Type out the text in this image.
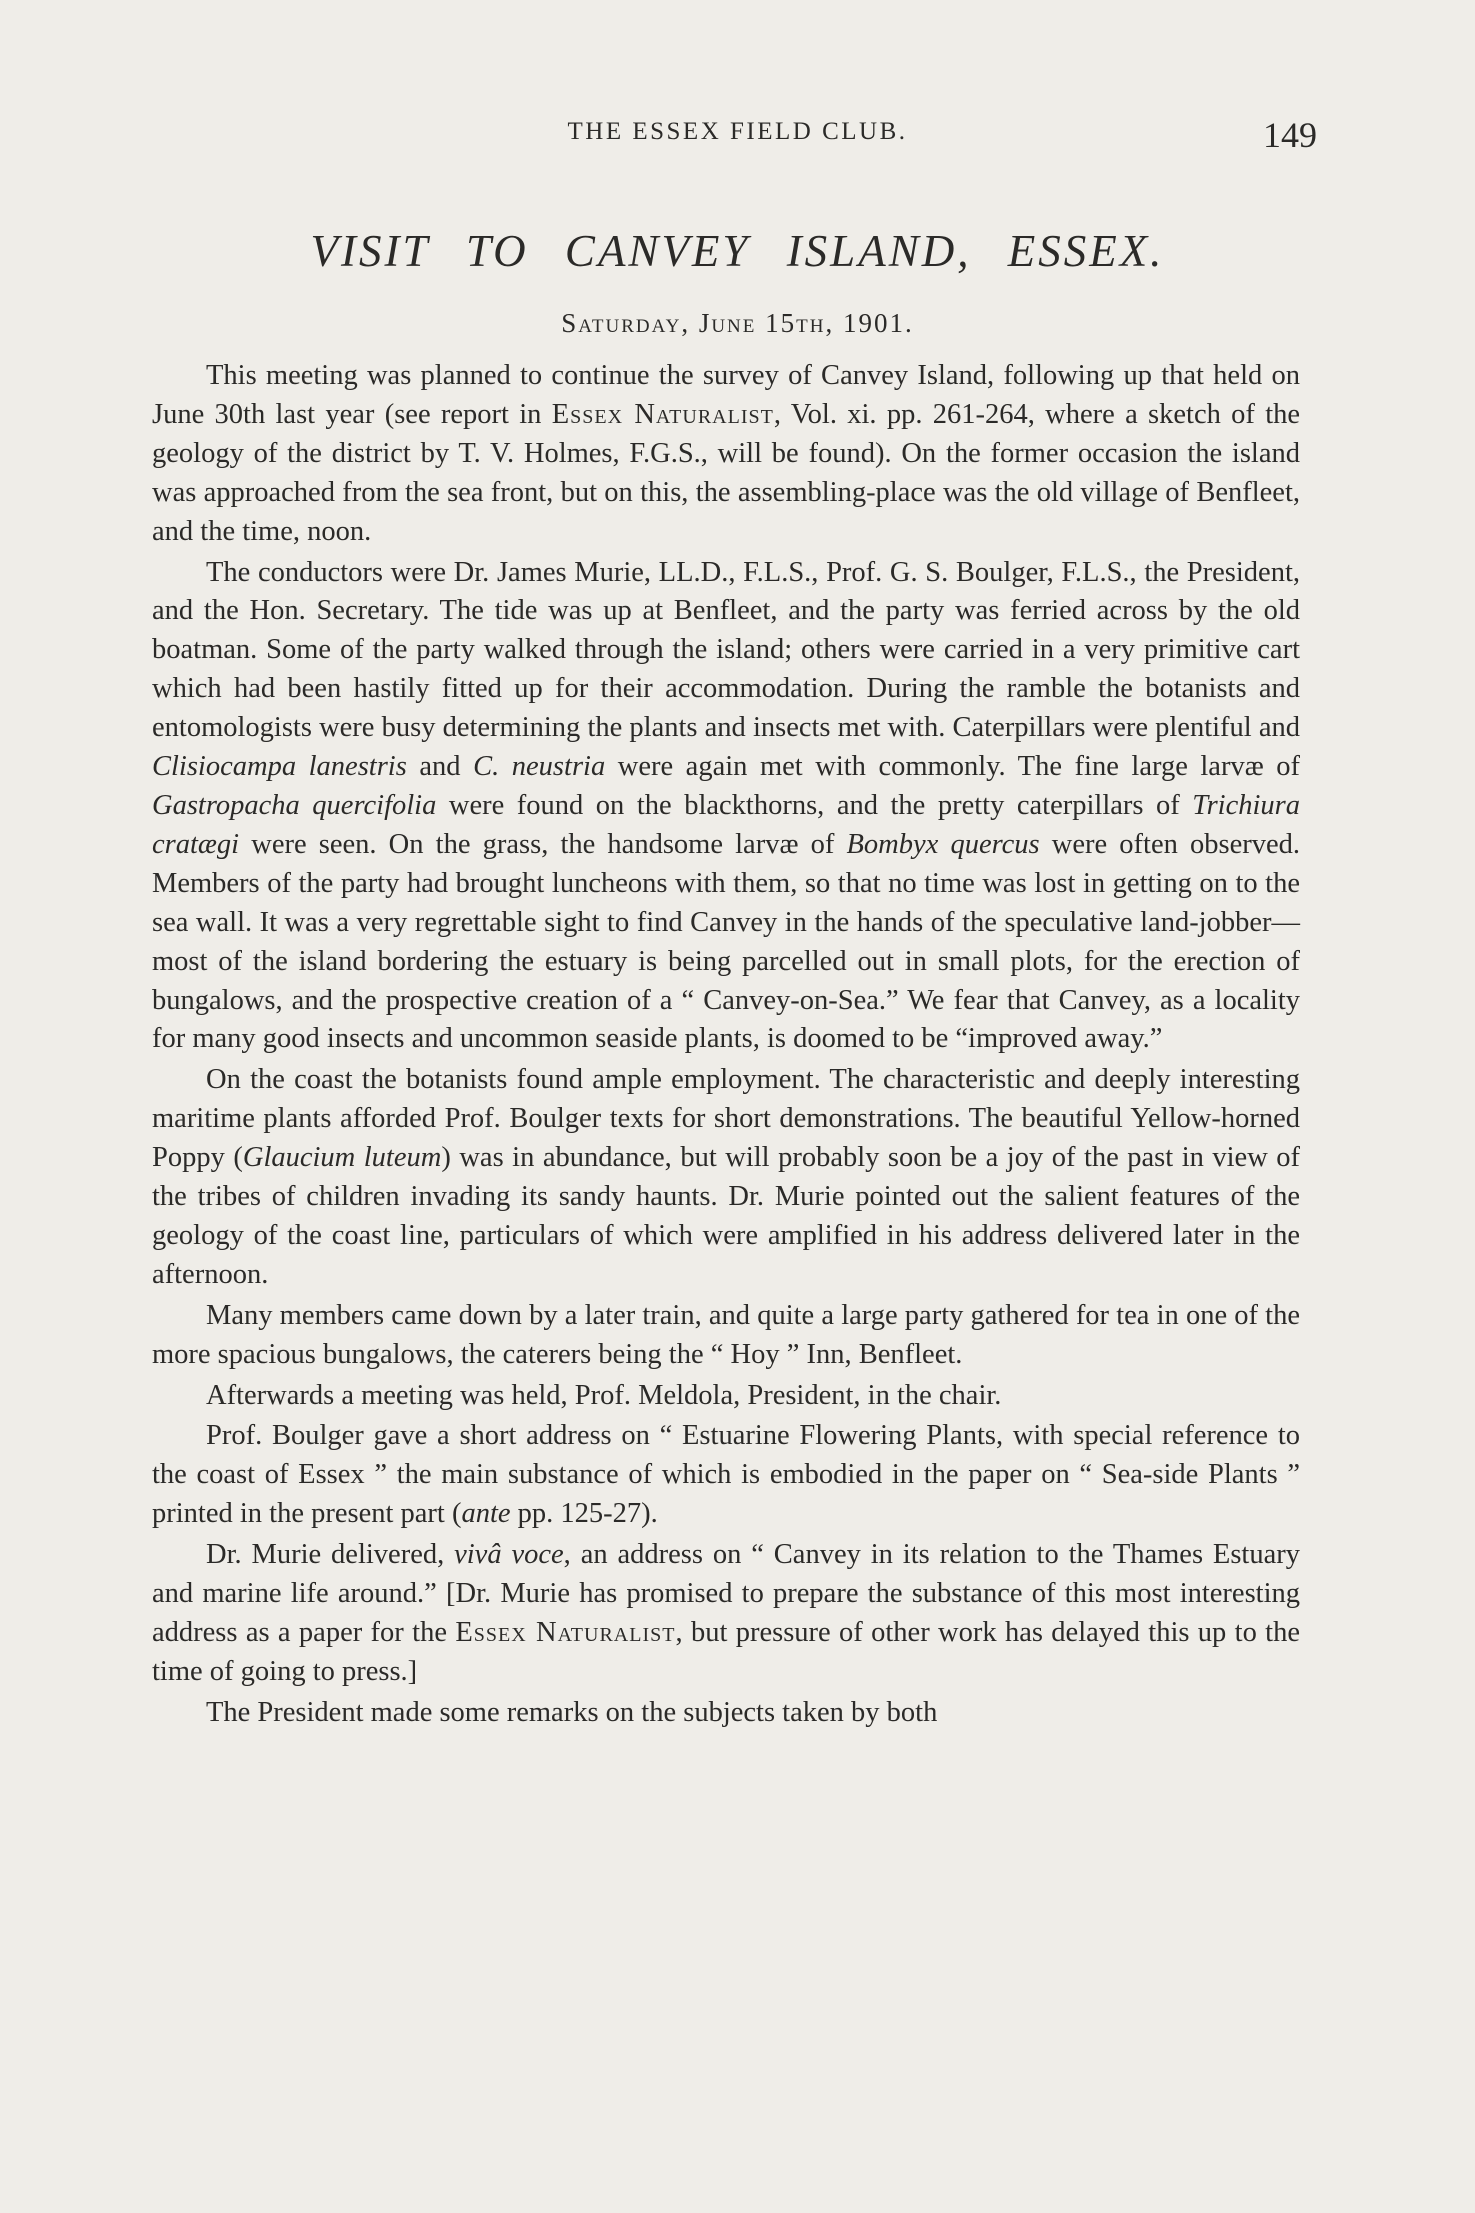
THE ESSEX FIELD CLUB.	149
VISIT TO CANVEY ISLAND, ESSEX.
Saturday, June 15th, 1901.

This meeting was planned to continue the survey of Canvey Island, following up that held on June 30th last year (see report in Essex Naturalist, Vol. xi. pp. 261-264, where a sketch of the geology of the district by T. V. Holmes, F.G.S., will be found). On the former occasion the island was approached from the sea front, but on this, the assembling-place was the old village of Benfleet, and the time, noon.

The conductors were Dr. James Murie, LL.D., F.L.S., Prof. G. S. Boulger, F.L.S., the President, and the Hon. Secretary. The tide was up at Benfleet, and the party was ferried across by the old boatman. Some of the party walked through the island; others were carried in a very primitive cart which had been hastily fitted up for their accommodation. During the ramble the botanists and entomologists were busy determining the plants and insects met with. Caterpillars were plentiful and Clisiocampa lanestris and C. neustria were again met with commonly. The fine large larvæ of Gastropacha quercifolia were found on the blackthorns, and the pretty caterpillars of Trichiura cratægi were seen. On the grass, the handsome larvæ of Bombyx quercus were often observed. Members of the party had brought luncheons with them, so that no time was lost in getting on to the sea wall. It was a very regrettable sight to find Canvey in the hands of the speculative land-jobber—most of the island bordering the estuary is being parcelled out in small plots, for the erection of bungalows, and the prospective creation of a “ Canvey-on-Sea.” We fear that Canvey, as a locality for many good insects and uncommon seaside plants, is doomed to be “improved away.”

On the coast the botanists found ample employment. The characteristic and deeply interesting maritime plants afforded Prof. Boulger texts for short demonstrations. The beautiful Yellow-horned Poppy (Glaucium luteum) was in abundance, but will probably soon be a joy of the past in view of the tribes of children invading its sandy haunts. Dr. Murie pointed out the salient features of the geology of the coast line, particulars of which were amplified in his address delivered later in the afternoon.

Many members came down by a later train, and quite a large party gathered for tea in one of the more spacious bungalows, the caterers being the “ Hoy ” Inn, Benfleet.

Afterwards a meeting was held, Prof. Meldola, President, in the chair.

Prof. Boulger gave a short address on “ Estuarine Flowering Plants, with special reference to the coast of Essex ” the main substance of which is embodied in the paper on “ Sea-side Plants ” printed in the present part (ante pp. 125-27).

Dr. Murie delivered, vivâ voce, an address on “ Canvey in its relation to the Thames Estuary and marine life around.” [Dr. Murie has promised to prepare the substance of this most interesting address as a paper for the Essex Naturalist, but pressure of other work has delayed this up to the time of going to press.]

The President made some remarks on the subjects taken by both
